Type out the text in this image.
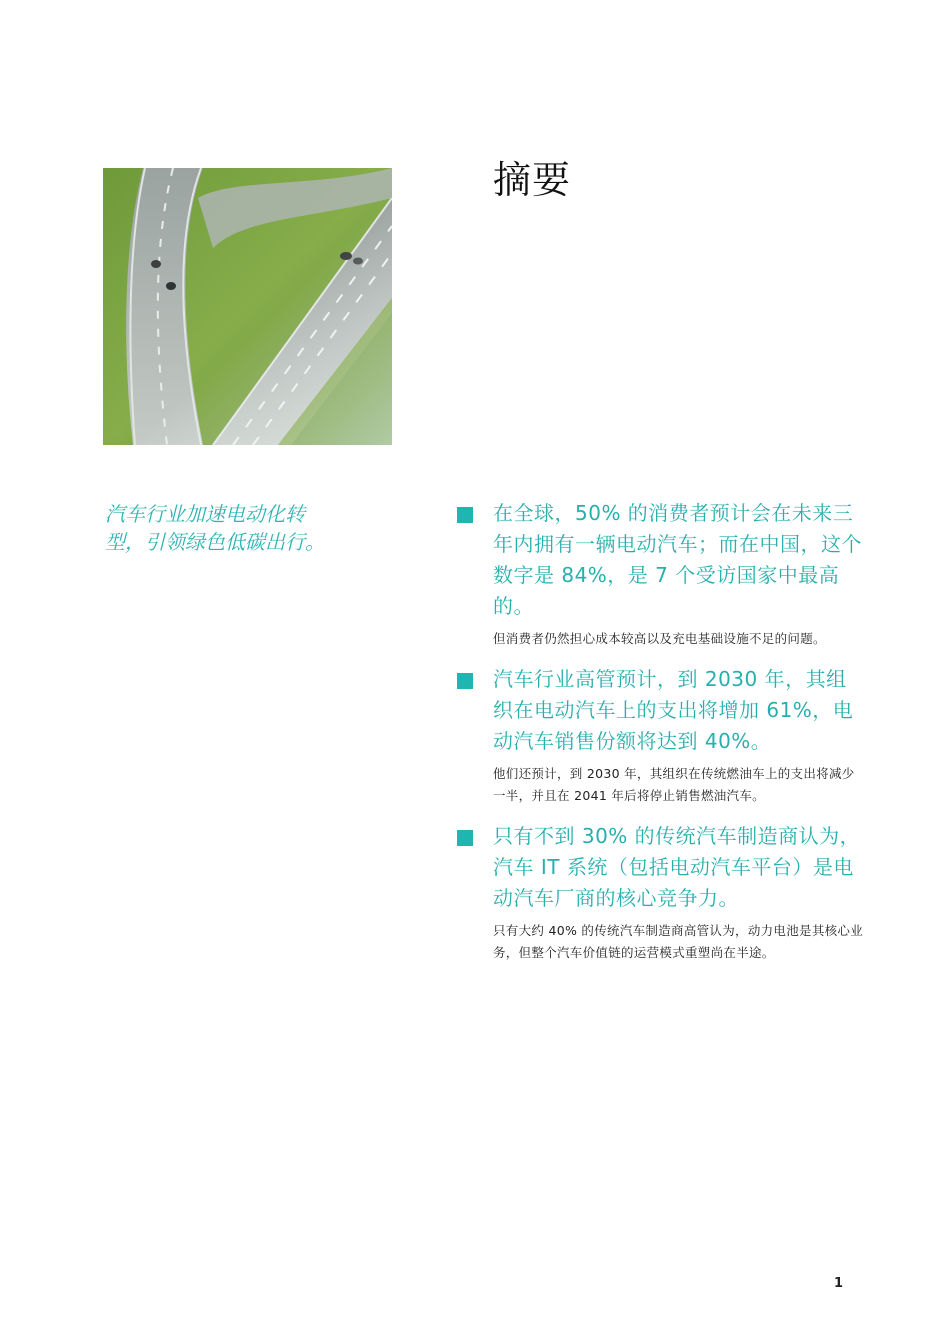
摘要

汽车行业加速电动化转型，引领绿色低碳出行。

在全球，50% 的消费者预计会在未来三年内拥有一辆电动汽车；而在中国，这个数字是 84%，是 7 个受访国家中最高的。

但消费者仍然担心成本较高以及充电基础设施不足的问题。

汽车行业高管预计，到 2030 年，其组织在电动汽车上的支出将增加 61%，电动汽车销售份额将达到 40%。

他们还预计，到 2030 年，其组织在传统燃油车上的支出将减少一半，并且在 2041 年后将停止销售燃油汽车。

只有不到 30% 的传统汽车制造商认为，汽车 IT 系统（包括电动汽车平台）是电动汽车厂商的核心竞争力。

只有大约 40% 的传统汽车制造商高管认为，动力电池是其核心业务，但整个汽车价值链的运营模式重塑尚在半途。

1
